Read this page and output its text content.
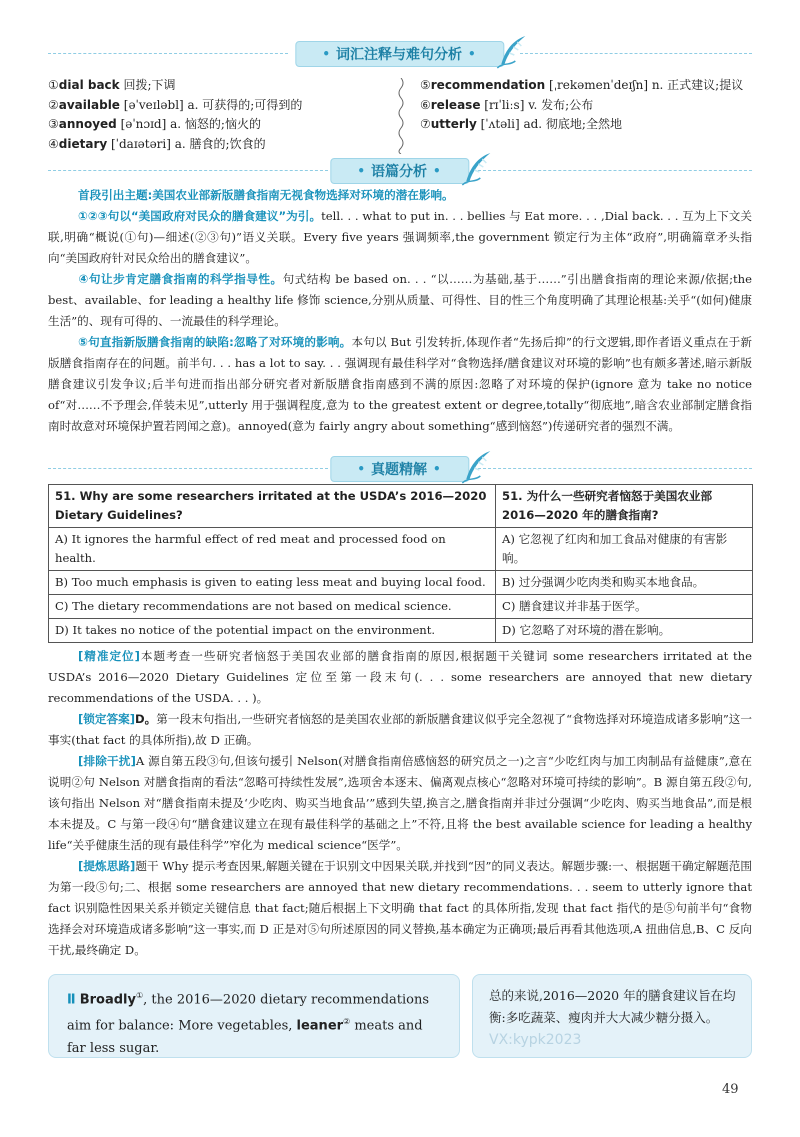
• 词汇注释与难句分析 •
①dial back 回拨;下调
②available [əˈveɪləbl] a. 可获得的;可得到的
③annoyed [əˈnɔɪd] a. 恼怒的;恼火的
④dietary [ˈdaɪətəri] a. 膳食的;饮食的
⑤recommendation [ˌrekəmenˈdeɪʃn] n. 正式建议;提议
⑥release [rɪˈliːs] v. 发布;公布
⑦utterly [ˈʌtəli] ad. 彻底地;全然地
• 语篇分析 •
首段引出主题:美国农业部新版膳食指南无视食物选择对环境的潜在影响。
①②③句以“美国政府对民众的膳食建议”为引。tell. . . what to put in. . . bellies 与 Eat more. . . ,Dial back. . . 互为上下文关联,明确“概说(①句)—细述(②③句)”语义关联。Every five years 强调频率,the government 锁定行为主体“政府”,明确篇章矛头指向“美国政府针对民众给出的膳食建议”。
④句让步肯定膳食指南的科学指导性。句式结构 be based on. . . “以……为基础,基于……”引出膳食指南的理论来源/依据;the best、available、for leading a healthy life 修饰 science,分别从质量、可得性、目的性三个角度明确了其理论根基:关乎“(如何)健康生活”的、现有可得的、一流最佳的科学理论。
⑤句直指新版膳食指南的缺陷:忽略了对环境的影响。本句以 But 引发转折,体现作者“先扬后抑”的行文逻辑,即作者语义重点在于新版膳食指南存在的问题。前半句. . . has a lot to say. . . 强调现有最佳科学对“食物选择/膳食建议对环境的影响”也有颇多著述,暗示新版膳食建议引发争议;后半句进而指出部分研究者对新版膳食指南感到不满的原因:忽略了对环境的保护(ignore 意为 take no notice of“对……不予理会,佯装未见”,utterly 用于强调程度,意为 to the greatest extent or degree,totally“彻底地”,暗含农业部制定膳食指南时故意对环境保护置若罔闻之意)。annoyed(意为 fairly angry about something“感到恼怒”)传递研究者的强烈不满。
• 真题精解 •
51. Why are some researchers irritated at the USDA’s 2016—2020 Dietary Guidelines?	51. 为什么一些研究者恼怒于美国农业部 2016—2020 年的膳食指南?
A) It ignores the harmful effect of red meat and processed food on health.	A) 它忽视了红肉和加工食品对健康的有害影响。
B) Too much emphasis is given to eating less meat and buying local food.	B) 过分强调少吃肉类和购买本地食品。
C) The dietary recommendations are not based on medical science.	C) 膳食建议并非基于医学。
D) It takes no notice of the potential impact on the environment.	D) 它忽略了对环境的潜在影响。
[精准定位]本题考查一些研究者恼怒于美国农业部的膳食指南的原因,根据题干关键词 some researchers irritated at the USDA’s 2016—2020 Dietary Guidelines 定位至第一段末句(. . . some researchers are annoyed that new dietary recommendations of the USDA. . . )。
[锁定答案]D。第一段末句指出,一些研究者恼怒的是美国农业部的新版膳食建议似乎完全忽视了“食物选择对环境造成诸多影响”这一事实(that fact 的具体所指),故 D 正确。
[排除干扰]A 源自第五段③句,但该句援引 Nelson(对膳食指南倍感恼怒的研究员之一)之言“少吃红肉与加工肉制品有益健康”,意在说明②句 Nelson 对膳食指南的看法“忽略可持续性发展”,选项舍本逐末、偏离观点核心“忽略对环境可持续的影响”。B 源自第五段②句,该句指出 Nelson 对“膳食指南未提及‘少吃肉、购买当地食品’”感到失望,换言之,膳食指南并非过分强调“少吃肉、购买当地食品”,而是根本未提及。C 与第一段④句“膳食建议建立在现有最佳科学的基础之上”不符,且将 the best available science for leading a healthy life“关乎健康生活的现有最佳科学”窄化为 medical science“医学”。
[提炼思路]题干 Why 提示考查因果,解题关键在于识别文中因果关联,并找到“因”的同义表达。解题步骤:一、根据题干确定解题范围为第一段⑤句;二、根据 some researchers are annoyed that new dietary recommendations. . . seem to utterly ignore that fact 识别隐性因果关系并锁定关键信息 that fact;随后根据上下文明确 that fact 的具体所指,发现 that fact 指代的是⑤句前半句“食物选择会对环境造成诸多影响”这一事实,而 D 正是对⑤句所述原因的同义替换,基本确定为正确项;最后再看其他选项,A 扭曲信息,B、C 反向干扰,最终确定 D。
Ⅱ Broadly①, the 2016—2020 dietary recommendations aim for balance: More vegetables, leaner② meats and far less sugar.
总的来说,2016—2020 年的膳食建议旨在均衡:多吃蔬菜、瘦肉并大大减少糖分摄入。 VX:kypk2023
49
